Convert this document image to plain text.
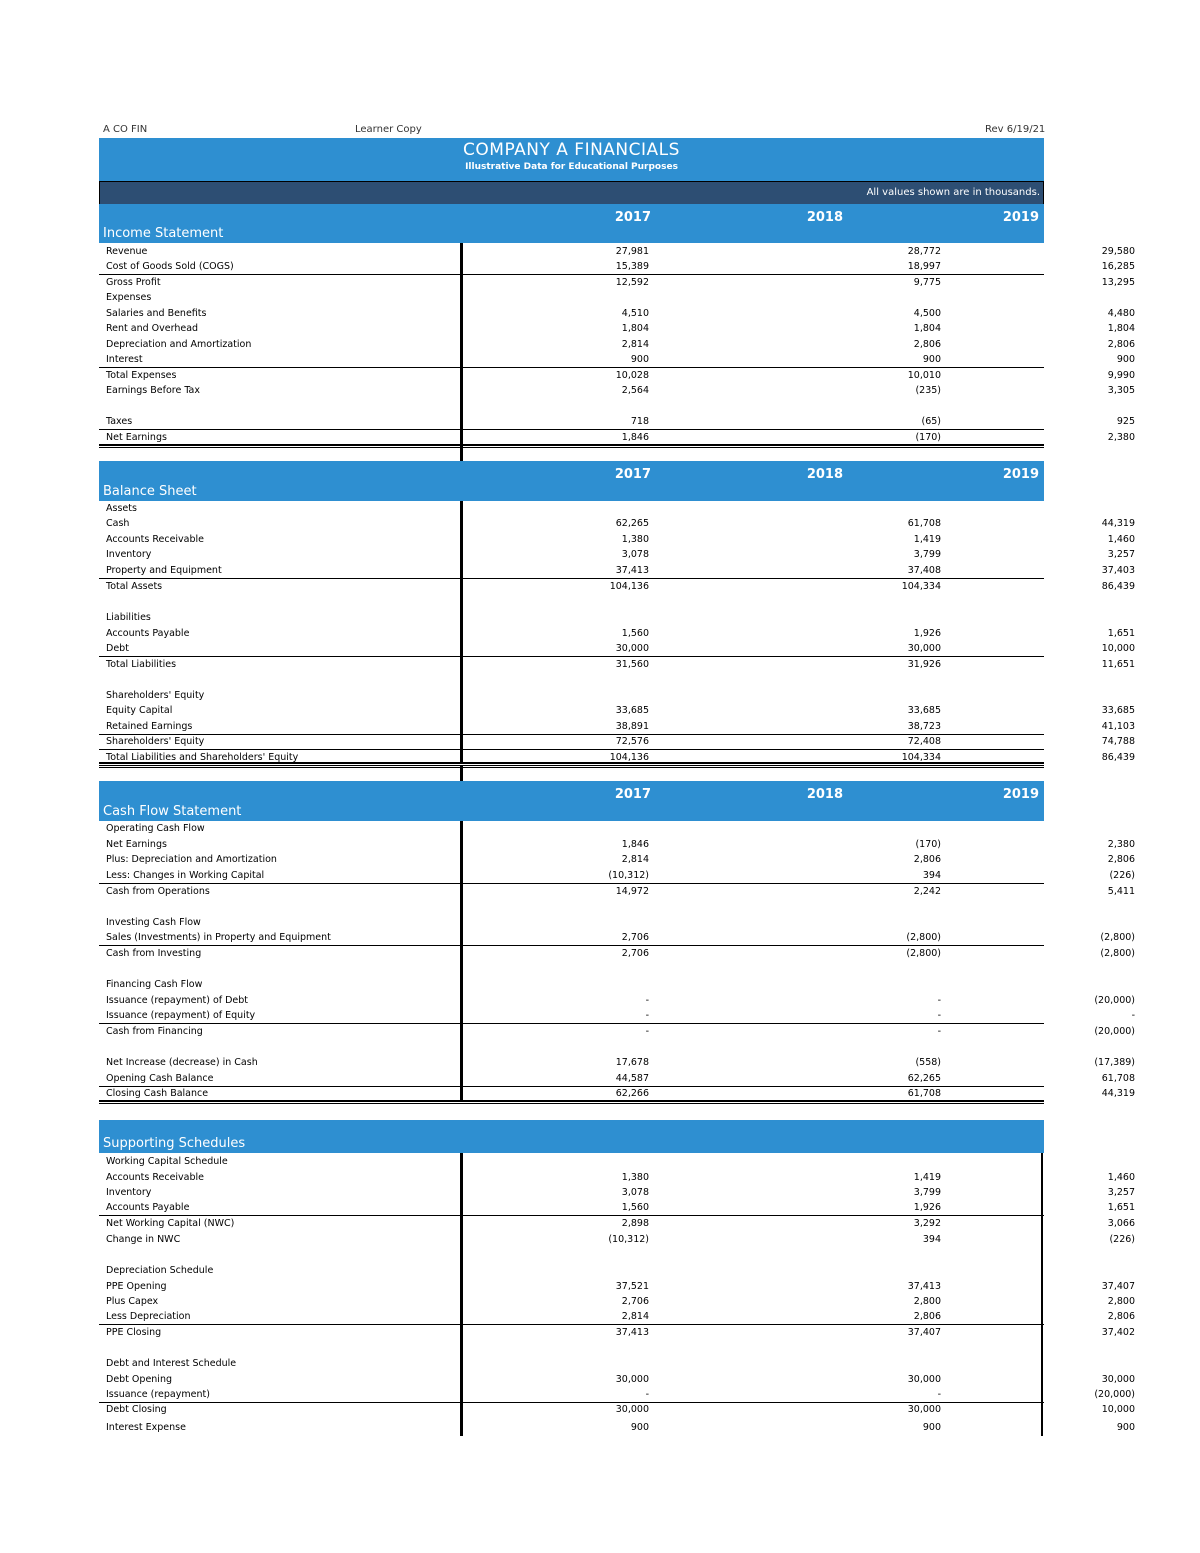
A CO FIN	Learner Copy	Rev 6/19/21
COMPANY A FINANCIALS
Illustrative Data for Educational Purposes
All values shown are in thousands.
Income Statement
2017	2018	2019
Revenue	27,981	28,772	29,580
Cost of Goods Sold (COGS)	15,389	18,997	16,285
Gross Profit	12,592	9,775	13,295
Expenses
Salaries and Benefits	4,510	4,500	4,480
Rent and Overhead	1,804	1,804	1,804
Depreciation and Amortization	2,814	2,806	2,806
Interest	900	900	900
Total Expenses	10,028	10,010	9,990
Earnings Before Tax	2,564	(235)	3,305
Taxes	718	(65)	925
Net Earnings	1,846	(170)	2,380
Balance Sheet
2017	2018	2019
Assets
Cash	62,265	61,708	44,319
Accounts Receivable	1,380	1,419	1,460
Inventory	3,078	3,799	3,257
Property and Equipment	37,413	37,408	37,403
Total Assets	104,136	104,334	86,439
Liabilities
Accounts Payable	1,560	1,926	1,651
Debt	30,000	30,000	10,000
Total Liabilities	31,560	31,926	11,651
Shareholders' Equity
Equity Capital	33,685	33,685	33,685
Retained Earnings	38,891	38,723	41,103
Shareholders' Equity	72,576	72,408	74,788
Total Liabilities and Shareholders' Equity	104,136	104,334	86,439
Cash Flow Statement
2017	2018	2019
Operating Cash Flow
Net Earnings	1,846	(170)	2,380
Plus: Depreciation and Amortization	2,814	2,806	2,806
Less: Changes in Working Capital	(10,312)	394	(226)
Cash from Operations	14,972	2,242	5,411
Investing Cash Flow
Sales (Investments) in Property and Equipment	2,706	(2,800)	(2,800)
Cash from Investing	2,706	(2,800)	(2,800)
Financing Cash Flow
Issuance (repayment) of Debt	-	-	(20,000)
Issuance (repayment) of Equity	-	-	-
Cash from Financing	-	-	(20,000)
Net Increase (decrease) in Cash	17,678	(558)	(17,389)
Opening Cash Balance	44,587	62,265	61,708
Closing Cash Balance	62,266	61,708	44,319
Supporting Schedules
Working Capital Schedule
Accounts Receivable	1,380	1,419	1,460
Inventory	3,078	3,799	3,257
Accounts Payable	1,560	1,926	1,651
Net Working Capital (NWC)	2,898	3,292	3,066
Change in NWC	(10,312)	394	(226)
Depreciation Schedule
PPE Opening	37,521	37,413	37,407
Plus Capex	2,706	2,800	2,800
Less Depreciation	2,814	2,806	2,806
PPE Closing	37,413	37,407	37,402
Debt and Interest Schedule
Debt Opening	30,000	30,000	30,000
Issuance (repayment)	-	-	(20,000)
Debt Closing	30,000	30,000	10,000
Interest Expense	900	900	900
